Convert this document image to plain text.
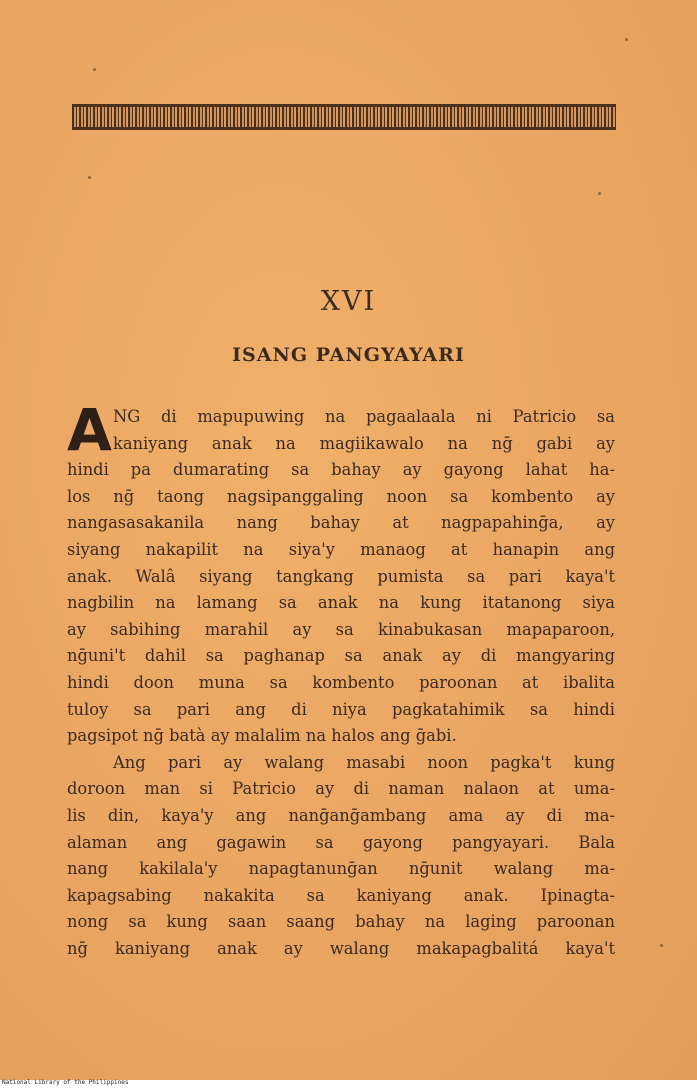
XVI
ISANG PANGYAYARI
A NG di mapupuwing na pagaalaala ni Patricio sa
kaniyang anak na magiikawalo na nḡ gabi ay
hindi pa dumarating sa bahay ay gayong lahat ha-
los nḡ taong nagsipanggaling noon sa kombento ay
nangasasakanila nang bahay at nagpapahinḡa, ay
siyang nakapilit na siya'y manaog at hanapin ang
anak. Walâ siyang tangkang pumista sa pari kaya't
nagbilin na lamang sa anak na kung itatanong siya
ay sabihing marahil ay sa kinabukasan mapaparoon,
nḡuni't dahil sa paghanap sa anak ay di mangyaring
hindi doon muna sa kombento paroonan at ibalita
tuloy sa pari ang di niya pagkatahimik sa hindi
pagsipot nḡ batà ay malalim na halos ang ḡabi.
Ang pari ay walang masabi noon pagka't kung
doroon man si Patricio ay di naman nalaon at uma-
lis din, kaya'y ang nanḡanḡambang ama ay di ma-
alaman ang gagawin sa gayong pangyayari. Bala
nang kakilala'y napagtanunḡan nḡunit walang ma-
kapagsabing nakakita sa kaniyang anak. Ipinagta-
nong sa kung saan saang bahay na laging paroonan
nḡ kaniyang anak ay walang makapagbalitá kaya't
National Library of the Philippines
